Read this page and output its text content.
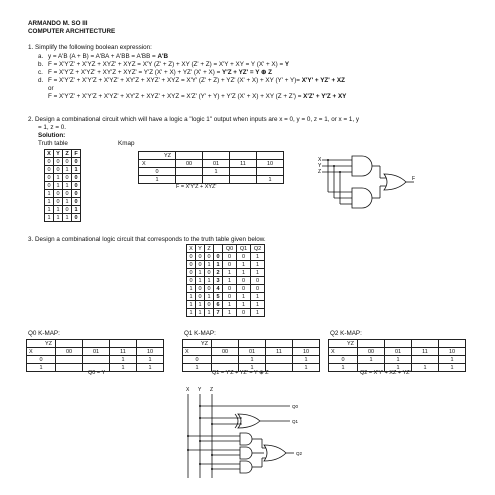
ARMANDO M. SO III
COMPUTER ARCHITECTURE
1. Simplify the following boolean expression:
a. y = A'B (A + B) = A'BA + A'BB = A'BB = A'B
b. F = X'Y'Z' + X'YZ + XYZ' + XYZ = X'Y (Z' + Z) + XY (Z' + Z) = X'Y + XY = Y (X' + X) = Y
c. F = X'Y'Z + X'YZ' + XY'Z + XYZ' = Y'Z (X' + X) + YZ' (X' + X) = Y'Z + YZ' = Y ⊕ Z
d. F = X'Y'Z' + X'Y'Z + X'YZ' + XY'Z + XYZ' + XYZ = X'Y' (Z' + Z) + YZ' (X' + X) + XY (Y' + Y)= X'Y' + YZ' + XZ
or
F = X'Y'Z' + X'Y'Z + X'YZ' + XY'Z + XYZ' + XYZ = X'Z' (Y' + Y) + Y'Z (X' + X) + XY (Z + Z') = X'Z' + Y'Z + XY
2. Design a combinational circuit which will have a logic a "logic 1" output when inputs are x = 0, y = 0, z = 1, or x = 1, y
= 1, z = 0.
Solution:
Truth table	Kmap
X	Y	Z	F
0	0	0	0
0	0	1	1
0	1	0	0
0	1	1	0
1	0	0	0
1	0	1	0
1	1	0	1
1	1	1	0
YZ				
X	00	01	11	10
0		1		
1				1
F = X'Y'Z + XYZ'
X
Y
Z
F
3. Design a combinational logic circuit that corresponds to the truth table given below.
X	Y	Z		Q0	Q1	Q2
0	0	0	0	0	0	1
0	0	1	1	0	1	1
0	1	0	2	1	1	1
0	1	1	3	1	0	0
1	0	0	4	0	0	0
1	0	1	5	0	1	1
1	1	0	6	1	1	1
1	1	1	7	1	0	1
Q0 K-MAP:
YZ				
X	00	01	11	10
0			1	1
1			1	1
Q0 = Y
Q1 K-MAP:
YZ				
X	00	01	11	10
0		1		1
1		1		1
Q1 = Y'Z + YZ' = Y ⊕ Z
Q2 K-MAP:
YZ				
X	00	01	11	10
0	1	1		1
1		1	1	1
Q2 = X'Y' + XZ + YZ'
X Y Z
Q0
Q1
Q2
